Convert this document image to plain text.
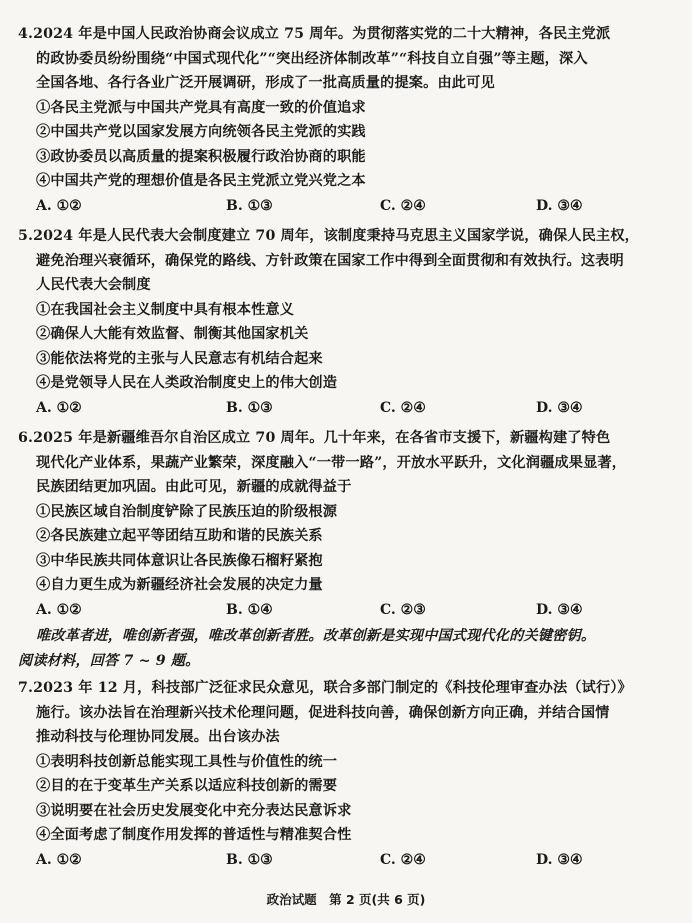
4.2024 年是中国人民政治协商会议成立 75 周年。为贯彻落实党的二十大精神，各民主党派
的政协委员纷纷围绕“中国式现代化”“突出经济体制改革”“科技自立自强”等主题，深入
全国各地、各行各业广泛开展调研，形成了一批高质量的提案。由此可见
①各民主党派与中国共产党具有高度一致的价值追求
②中国共产党以国家发展方向统领各民主党派的实践
③政协委员以高质量的提案积极履行政治协商的职能
④中国共产党的理想价值是各民主党派立党兴党之本
A. ①②	B. ①③	C. ②④	D. ③④
5.2024 年是人民代表大会制度建立 70 周年，该制度秉持马克思主义国家学说，确保人民主权，
避免治理兴衰循环，确保党的路线、方针政策在国家工作中得到全面贯彻和有效执行。这表明
人民代表大会制度
①在我国社会主义制度中具有根本性意义
②确保人大能有效监督、制衡其他国家机关
③能依法将党的主张与人民意志有机结合起来
④是党领导人民在人类政治制度史上的伟大创造
A. ①②	B. ①③	C. ②④	D. ③④
6.2025 年是新疆维吾尔自治区成立 70 周年。几十年来，在各省市支援下，新疆构建了特色
现代化产业体系，果蔬产业繁荣，深度融入“一带一路”，开放水平跃升，文化润疆成果显著，
民族团结更加巩固。由此可见，新疆的成就得益于
①民族区域自治制度铲除了民族压迫的阶级根源
②各民族建立起平等团结互助和谐的民族关系
③中华民族共同体意识让各民族像石榴籽紧抱
④自力更生成为新疆经济社会发展的决定力量
A. ①②	B. ①④	C. ②③	D. ③④
唯改革者进，唯创新者强，唯改革创新者胜。改革创新是实现中国式现代化的关键密钥。
阅读材料，回答 7 ~ 9 题。
7.2023 年 12 月，科技部广泛征求民众意见，联合多部门制定的《科技伦理审查办法（试行）》
施行。该办法旨在治理新兴技术伦理问题，促进科技向善，确保创新方向正确，并结合国情
推动科技与伦理协同发展。出台该办法
①表明科技创新总能实现工具性与价值性的统一
②目的在于变革生产关系以适应科技创新的需要
③说明要在社会历史发展变化中充分表达民意诉求
④全面考虑了制度作用发挥的普适性与精准契合性
A. ①②	B. ①③	C. ②④	D. ③④
政治试题　第 2 页(共 6 页)
